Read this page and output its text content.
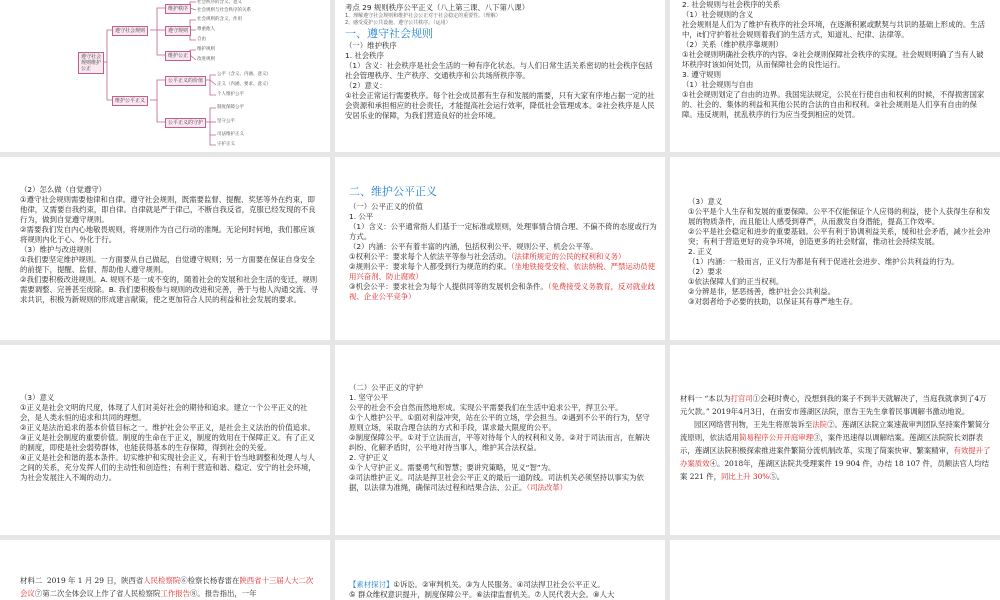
遵守社会
规则维护
公正
遵守社会规则
维护公平正义
维护秩序
遵守规则
维护公正
社会秩序的含义、意义
社会规则与社会秩序的关系
社会规则的含义、作用
尊重他人
自由
维护规则
改进规则
公平正义的价值
公平正义的守护
公平（含义、内涵、意义）
正义（内涵、要求、意义）
个人维护公平
制度保障公平
坚守公平
司法维护正义
守护正义
考点 29 规则秩序公平正义（八上第三课、八下第八课）
1、理解遵守社会规则和维护社会公正对于社会稳定的重要性。（理解）
2、感受爱护公共设施、遵守公共秩序。（运用）
一、遵守社会规则
（一）维护秩序
1. 社会秩序
（1）含义：社会秩序是社会生活的一种有序化状态。与人们日常生活关系密切的社会秩序包括社会管理秩序、生产秩序、交通秩序和公共场所秩序等。
（2）意义：
①社会正常运行需要秩序。每个社会成员都有生存和发展的需要，只有大家有序地占据一定的社会资源和承担相应的社会责任，才能提高社会运行效率，降低社会管理成本。②社会秩序是人民安居乐业的保障，为我们营造良好的社会环境。
2. 社会规则与社会秩序的关系
（1）社会规则的含义
社会规则是人们为了维护有秩序的社会环境，在逐渐积累或默契与共识的基础上形成的。生活中，it们守护着社会规则着我们的生活方式，知道礼、纪律、法律等。
（2）关系（维护秩序靠规则）
①社会规则明确社会秩序的内容。②社会规则保障社会秩序的实现。社会规则明确了当有人破坏秩序时该如何处罚，从而保障社会的良性运行。
3. 遵守规则
（1）社会规则与自由
①社会规则划定了自由的边界。我国宪法规定，公民在行使自由和权利的时候，不得损害国家的、社会的、集体的利益和其他公民的合法的自由和权利。②社会规则是人们享有自由的保障。违反规则，扰乱秩序的行为应当受到相应的处罚。
（2）怎么做（自觉遵守）
①遵守社会规则需要他律和自律。遵守社会规则，既需要监督、提醒、奖惩等外在约束，即他律，又需要自我约束，即自律。自律就是严于律己，不断自我反省，克服已经发现的不良行为，做到自觉遵守规则。
②需要我们发自内心地敬畏规则，将规则作为自己行动的准绳。无论何时何地，我们都应该将规则内化于心、外化于行。
（3）维护与改进规则
①我们要坚定维护规则。一方面要从自己做起，自觉遵守规则；另一方面要在保证自身安全的前提下，提醒、监督、帮助他人遵守规则。
②我们要积极改进规则。A. 规则不是一成不变的，随着社会的发展和社会生活的变迁，规则需要调整、完善甚至废除。B. 我们要积极参与规则的改进和完善，善于与他人沟通交流、寻求共识，积极为新规则的形成建言献策，使之更加符合人民的利益和社会发展的要求。
二、维护公平正义
（一）公平正义的价值
1. 公平
（1）含义：公平通常指人们基于一定标准或原则，处理事情合情合理、不偏不倚的态度或行为方式。
（2）内涵：公平有着丰富的内涵，包括权利公平、规则公平、机会公平等。
①权利公平：要求每个人依法平等参与社会活动。（法律所规定的公民的权利和义务）
②规则公平：要求每个人都受到行为规范的约束。（坐地铁接受安检、依法纳税、严禁运动员使用兴奋剂、防止腐败）
③机会公平：要求社会为每个人提供同等的发展机会和条件。（免费接受义务教育，反对就业歧视、企业公平竞争）
（3）意义
①公平是个人生存和发展的重要保障。公平不仅能保证个人应得的利益，使个人获得生存和发展的物质条件，而且能让人感受到尊严，从而激发自身潜能，提高工作效率。
②公平是社会稳定和进步的重要基础。公平有利于协调利益关系，缓和社会矛盾，减少社会冲突；有利于营造更好的竞争环境，创造更多的社会财富，推动社会持续发展。
2. 正义
（1）内涵：一般而言，正义行为都是有利于促进社会进步、维护公共利益的行为。
（2）要求
①依法保障人们的正当权利。
②分辨是非，惩恶扬善，维护社会公共利益。
③对弱者给予必要的扶助，以保证其有尊严地生存。
（3）意义
①正义是社会文明的尺度，体现了人们对美好社会的期待和追求。建立一个公平正义的社会，是人类永恒的追求和共同的理想。
②正义是法治追求的基本价值目标之一。维护社会公平正义，是社会主义法治的价值追求。
③正义是社会制度的重要价值。制度的生命在于正义，制度的效用在于保障正义。有了正义的制度，即使是社会弱势群体，也能获得基本的生存保障，得到社会的关爱。
④正义是社会和谐的基本条件。切实维护和实现社会正义，有利于恰当地调整和处理人与人之间的关系，充分发挥人们的主动性和创造性；有利于营造和谐、稳定、安宁的社会环境，为社会发展注入不竭的动力。
（二）公平正义的守护
1. 坚守公平
公平的社会不会自然而然地形成。实现公平需要我们在生活中追求公平，捍卫公平。
①个人维护公平。①面对利益冲突，站在公平的立场，学会担当。②遇到不公平的行为，坚守原则立场，采取合理合法的方式和手段，谋求最大限度的公平。
②制度保障公平。①对于立法而言，平等对待每个人的权利和义务。②对于司法而言，在解决纠纷、化解矛盾时，公平地对待当事人，维护其合法权益。
2. 守护正义
①个人守护正义。需要勇气和智慧；要讲究策略，见义“智”为。
②司法维护正义。司法是捍卫社会公平正义的最后一道防线。司法机关必须坚持以事实为依据，以法律为准绳，确保司法过程和结果合法、公正。（司法改革）
材料一 “本以为打官司①会耗时费心，没想到我的案子不到半天就解决了，当庭我就拿到了4万元欠款。” 2019年4月3日，在南安市莲湖区法院，原告王先生拿着民事调解书激动地说。
园区网络营刊物，王先生将原装诉至法院②。莲湖区法院立案速裁审判团队坚持案件繁简分流原则，依法适用简易程序公开开庭审理③，案件迅速得以调解结案。莲湖区法院院长刘群表示，莲湖区法院积极探索推进案件繁简分流机制改革，实现了简案快审、繁案精审，有效提升了办案质效④。2018年，莲湖区法院共受理案件 19 904 件，办结 18 107 件，员额法官人均结案 221 件，同比上升 30%⑤。
材料二  2019 年 1 月 29 日，陕西省人民检察院⑥检察长杨春雷在陕西省十三届人大二次会议⑦第二次全体会议上作了省人民检察院工作报告⑧。报告指出，一年
【素材探讨】①诉讼。②审判机关。③为人民服务。④司法捍卫社会公平正义。
⑤ 群众维权意识提升，制度保障公平。⑥法律监督机关。⑦人民代表大会。⑧人大
